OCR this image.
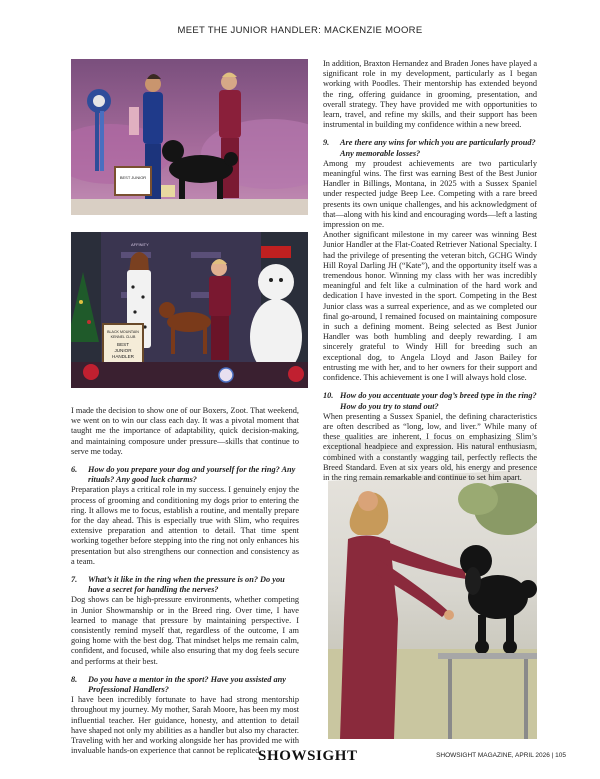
MEET THE JUNIOR HANDLER: MACKENZIE MOORE
BEST JUNIOR
AFFINITY
BLACK MOUNTAIN
KENNEL CLUB
BEST
JUNIOR
HANDLER

I made the decision to show one of our Boxers, Zoot. That weekend, we went on to win our class each day. It was a pivotal moment that taught me the importance of adaptability, quick decision-making, and maintaining composure under pressure—skills that continue to serve me today.

6.	How do you prepare your dog and yourself for the ring? Any rituals? Any good luck charms?

Preparation plays a critical role in my success. I genuinely enjoy the process of grooming and conditioning my dogs prior to entering the ring. It allows me to focus, establish a routine, and mentally prepare for the day ahead. This is especially true with Slim, who requires extensive preparation and attention to detail. That time spent working together before stepping into the ring not only enhances his presentation but also strengthens our connection and consistency as a team.

7.	What’s it like in the ring when the pressure is on? Do you have a secret for handling the nerves?

Dog shows can be high-pressure environments, whether competing in Junior Showmanship or in the Breed ring. Over time, I have learned to manage that pressure by maintaining perspective. I consistently remind myself that, regardless of the outcome, I am going home with the best dog. That mindset helps me remain calm, confident, and focused, while also ensuring that my dog feels secure and performs at their best.

8.	Do you have a mentor in the sport? Have you assisted any Professional Handlers?

I have been incredibly fortunate to have had strong mentorship throughout my journey. My mother, Sarah Moore, has been my most influential teacher. Her guidance, honesty, and attention to detail have shaped not only my abilities as a handler but also my character. Traveling with her and working alongside her has provided me with invaluable hands-on experience that cannot be replicated.

In addition, Braxton Hernandez and Braden Jones have played a significant role in my development, particularly as I began working with Poodles. Their mentorship has extended beyond the ring, offering guidance in grooming, presentation, and overall strategy. They have provided me with opportunities to learn, travel, and refine my skills, and their support has been instrumental in building my confidence within a new breed.

9.	Are there any wins for which you are particularly proud? Any memorable losses?

Among my proudest achievements are two particularly meaningful wins. The first was earning Best of the Best Junior Handler in Billings, Montana, in 2025 with a Sussex Spaniel under respected judge Beep Lee. Competing with a rare breed presents its own unique challenges, and his acknowledgment of that—along with his kind and encouraging words—left a lasting impression on me.

Another significant milestone in my career was winning Best Junior Handler at the Flat-Coated Retriever National Specialty. I had the privilege of presenting the veteran bitch, GCHG Windy Hill Royal Darling JH (“Kate”), and the opportunity itself was a tremendous honor. Winning my class with her was incredibly meaningful and felt like a culmination of the hard work and dedication I have invested in the sport. Competing in the Best Junior class was a surreal experience, and as we completed our final go-around, I remained focused on maintaining composure in such a defining moment. Being selected as Best Junior Handler was both humbling and deeply rewarding. I am sincerely grateful to Windy Hill for breeding such an exceptional dog, to Angela Lloyd and Jason Bailey for entrusting me with her, and to her owners for their support and confidence. This achievement is one I will always hold close.

10. How do you accentuate your dog’s breed type in the ring? How do you try to stand out?

When presenting a Sussex Spaniel, the defining characteristics are often described as “long, low, and liver.” While many of these qualities are inherent, I focus on emphasizing Slim’s exceptional headpiece and expression. His natural enthusiasm, combined with a constantly wagging tail, perfectly reflects the Breed Standard. Even at six years old, his energy and presence in the ring remain remarkable and continue to set him apart.

SHOWSIGHT	SHOWSIGHT MAGAZINE, APRIL 2026 | 105
